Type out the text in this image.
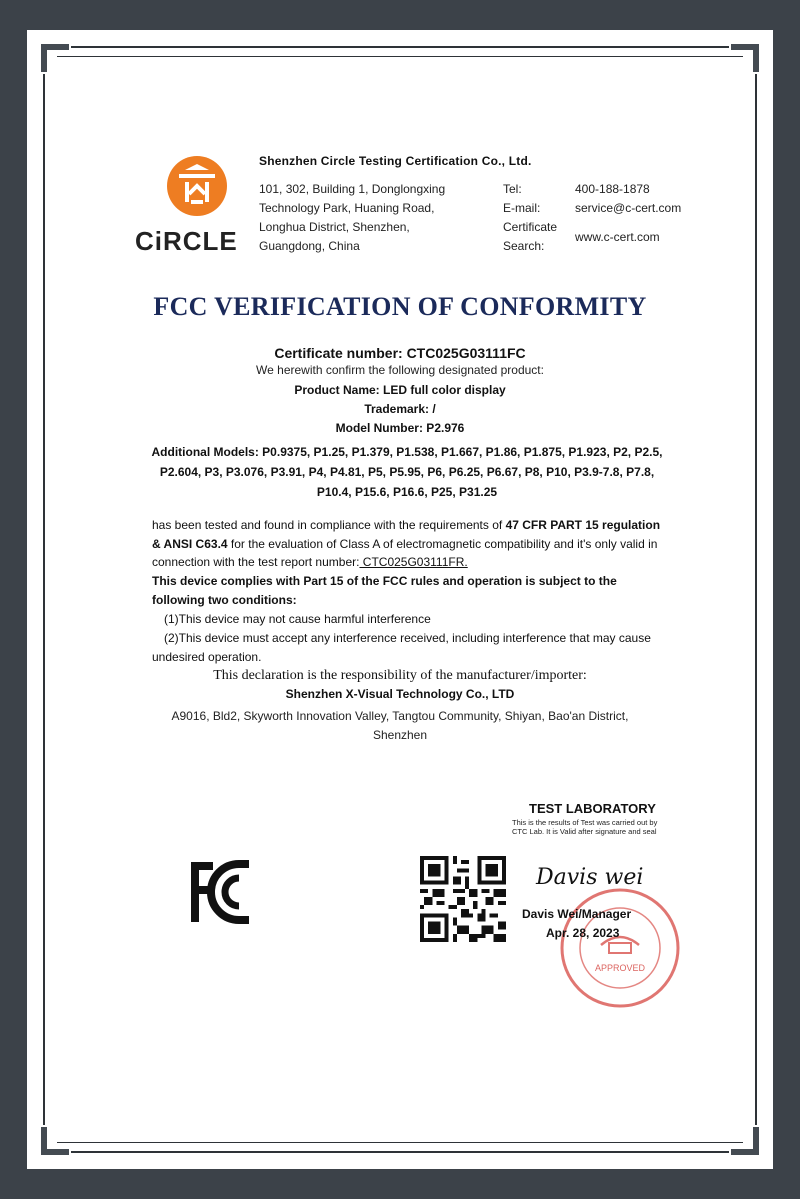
CiRCLE
Shenzhen Circle Testing Certification Co., Ltd.
101, 302, Building 1, Donglongxing
Technology Park, Huaning Road,
Longhua District, Shenzhen,
Guangdong, China
Tel:
E-mail:
Certificate
Search:
400-188-1878
service@c-cert.com
www.c-cert.com
FCC VERIFICATION OF CONFORMITY
Certificate number: CTC025G03111FC
We herewith confirm the following designated product:
Product Name: LED full color display
Trademark: /
Model Number: P2.976
Additional Models: P0.9375, P1.25, P1.379, P1.538, P1.667, P1.86, P1.875, P1.923, P2, P2.5, P2.604, P3, P3.076, P3.91, P4, P4.81, P5, P5.95, P6, P6.25, P6.67, P8, P10, P3.9-7.8, P7.8, P10.4, P15.6, P16.6, P25, P31.25
has been tested and found in compliance with the requirements of 47 CFR PART 15 regulation & ANSI C63.4 for the evaluation of Class A of electromagnetic compatibility and it's only valid in connection with the test report number: CTC025G03111FR.
This device complies with Part 15 of the FCC rules and operation is subject to the following two conditions:
(1)This device may not cause harmful interference
(2)This device must accept any interference received, including interference that may cause undesired operation.
This declaration is the responsibility of the manufacturer/importer:
Shenzhen X-Visual Technology Co., LTD
A9016, Bld2, Skyworth Innovation Valley, Tangtou Community, Shiyan, Bao'an District, Shenzhen
TEST LABORATORY
This is the results of Test was carried out by CTC Lab. It is Valid after signature and seal
APPROVED
Davis wei
Davis Wei/Manager
Apr. 28, 2023
